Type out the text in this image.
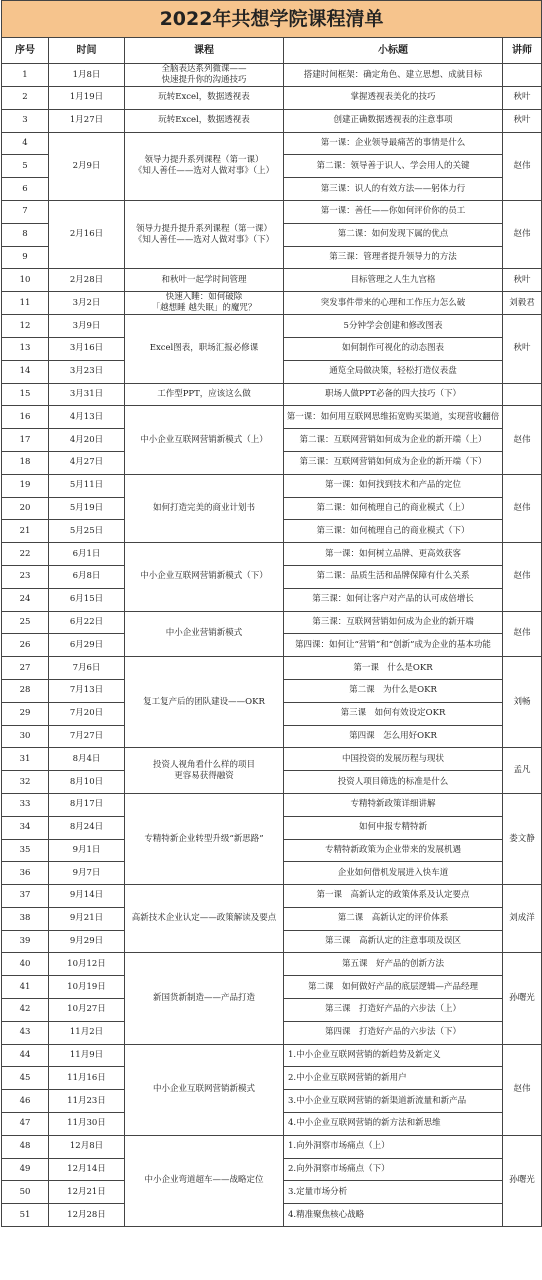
2022年共想学院课程清单				
序号	时间	课程	小标题	讲师
1	1月8日	全脑表达系列微课——
快速提升你的沟通技巧	搭建时间框架：确定角色、建立思想、成就目标	
2	1月19日	玩转Excel，数据透视表	掌握透视表美化的技巧	秋叶
3	1月27日	玩转Excel，数据透视表	创建正确数据透视表的注意事项	秋叶
4	2月9日	领导力提升系列课程（第一课）
《知人善任——选对人做对事》（上）	第一课：企业领导最痛苦的事情是什么	赵伟
5			第二课：领导善于识人、学会用人的关键	
6			第三课：识人的有效方法——躬体力行	
7	2月16日	领导力提升提升系列课程（第一课）
《知人善任——选对人做对事》（下）	第一课：善任——你如何评价你的员工	赵伟
8			第二课：如何发现下属的优点	
9			第三课：管理者提升领导力的方法	
10	2月28日	和秋叶一起学时间管理	目标管理之人生九宫格	秋叶
11	3月2日	快速入睡：如何破除
「越想睡 越失眠」的魔咒？	突发事件带来的心理和工作压力怎么破	刘毅君
12	3月9日	Excel图表，职场汇报必修课	5分钟学会创建和修改图表	秋叶
13	3月16日		如何制作可视化的动态图表	
14	3月23日		通览全局做决策，轻松打造仪表盘	
15	3月31日	工作型PPT，应该这么做	职场人做PPT必备的四大技巧（下）	
16	4月13日	中小企业互联网营销新模式（上）	第一课：如何用互联网思维拓宽购买渠道，实现营收翻倍	赵伟
17	4月20日		第二课：互联网营销如何成为企业的新开端（上）	
18	4月27日		第三课：互联网营销如何成为企业的新开端（下）	
19	5月11日	如何打造完美的商业计划书	第一课：如何找到技术和产品的定位	赵伟
20	5月19日		第二课：如何梳理自己的商业模式（上）	
21	5月25日		第三课：如何梳理自己的商业模式（下）	
22	6月1日	中小企业互联网营销新模式（下）	第一课：如何树立品牌、更高效获客	赵伟
23	6月8日		第二课：品质生活和品牌保障有什么关系	
24	6月15日		第三课：如何让客户对产品的认可成倍增长	
25	6月22日	中小企业营销新模式	第三课：互联网营销如何成为企业的新开端	赵伟
26	6月29日		第四课：如何让“营销”和“创新”成为企业的基本功能	
27	7月6日	复工复产后的团队建设——OKR	第一课　什么是OKR	刘畅
28	7月13日		第二课　为什么是OKR	
29	7月20日		第三课　如何有效设定OKR	
30	7月27日		第四课　怎么用好OKR	
31	8月4日	投资人视角看什么样的项目
更容易获得融资	中国投资的发展历程与现状	孟凡
32	8月10日		投资人项目筛选的标准是什么	
33	8月17日	专精特新企业转型升级“新思路”	专精特新政策详细讲解	娄文静
34	8月24日		如何申报专精特新	
35	9月1日		专精特新政策为企业带来的发展机遇	
36	9月7日		企业如何借机发展进入快车道	
37	9月14日	高新技术企业认定——政策解读及要点	第一课　高新认定的政策体系及认定要点	刘成洋
38	9月21日		第二课　高新认定的评价体系	
39	9月29日		第三课　高新认定的注意事项及误区	
40	10月12日	新国货新制造——产品打造	第五课　好产品的创新方法	孙曙光
41	10月19日		第二课　如何做好产品的底层逻辑—产品经理	
42	10月27日		第三课　打造好产品的六步法（上）	
43	11月2日		第四课　打造好产品的六步法（下）	
44	11月9日	中小企业互联网营销新模式	1.中小企业互联网营销的新趋势及新定义	赵伟
45	11月16日		2.中小企业互联网营销的新用户	
46	11月23日		3.中小企业互联网营销的新渠道新流量和新产品	
47	11月30日		4.中小企业互联网营销的新方法和新思维	
48	12月8日	中小企业弯道超车——战略定位	1.向外洞察市场痛点（上）	孙曙光
49	12月14日		2.向外洞察市场痛点（下）	
50	12月21日		3.定量市场分析	
51	12月28日		4.精准聚焦核心战略	
